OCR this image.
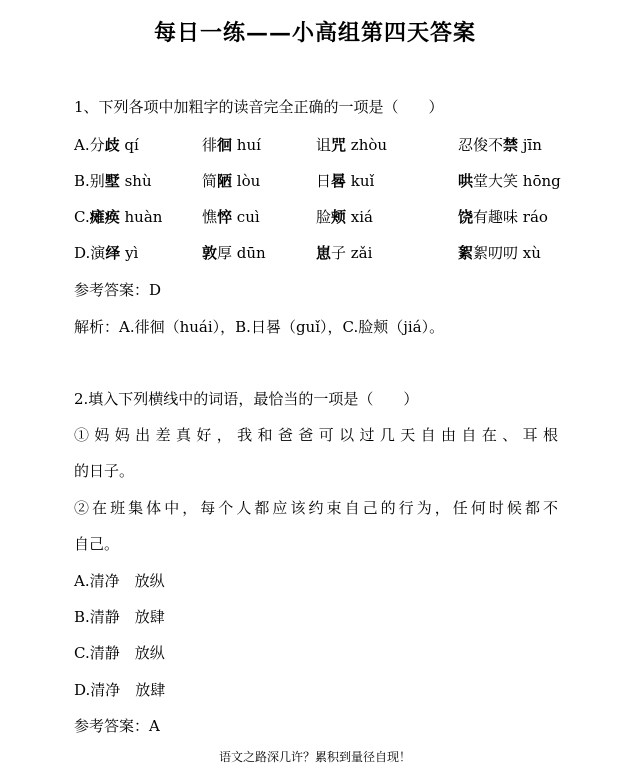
每日一练——小高组第四天答案
1、下列各项中加粗字的读音完全正确的一项是（　　）
A.分歧 qí	徘徊 huí	诅咒 zhòu	忍俊不禁 jīn
B.别墅 shù	简陋 lòu	日晷 kuǐ	哄堂大笑 hōng
C.瘫痪 huàn	憔悴 cuì	脸颊 xiá	饶有趣味 ráo
D.演绎 yì	敦厚 dūn	崽子 zǎi	絮絮叨叨 xù
参考答案：D
解析：A.徘徊（huái），B.日晷（guǐ），C.脸颊（jiá）。
2.填入下列横线中的词语，最恰当的一项是（　　）
①妈妈出差真好，我和爸爸可以过几天自由自在、耳根
的日子。
②在班集体中，每个人都应该约束自己的行为，任何时候都不
自己。
A.清净　放纵
B.清静　放肆
C.清静　放纵
D.清净　放肆
参考答案：A
语文之路深几许？累积到量径自现！
